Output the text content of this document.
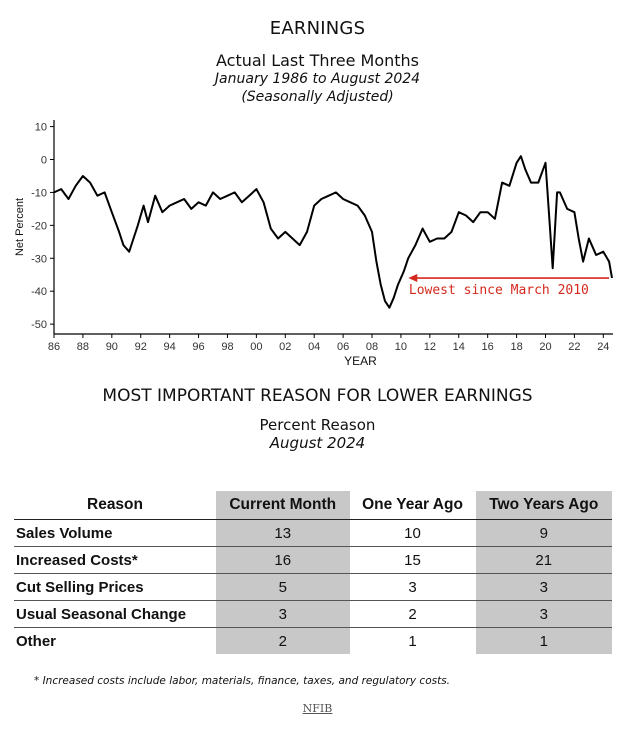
EARNINGS
Actual Last Three Months
January 1986 to August 2024
(Seasonally Adjusted)
10
0
-10
-20
-30
-40
-50
86 88 90 92 94 96 98 00 02 04 06 08 10 12 14 16 18 20 22 24
YEAR
Net Percent
Lowest since March 2010
MOST IMPORTANT REASON FOR LOWER EARNINGS
Percent Reason
August 2024
Reason	Current Month	One Year Ago	Two Years Ago
Sales Volume	13	10	9
Increased Costs*	16	15	21
Cut Selling Prices	5	3	3
Usual Seasonal Change	3	2	3
Other	2	1	1
* Increased costs include labor, materials, finance, taxes, and regulatory costs.
NFIB
